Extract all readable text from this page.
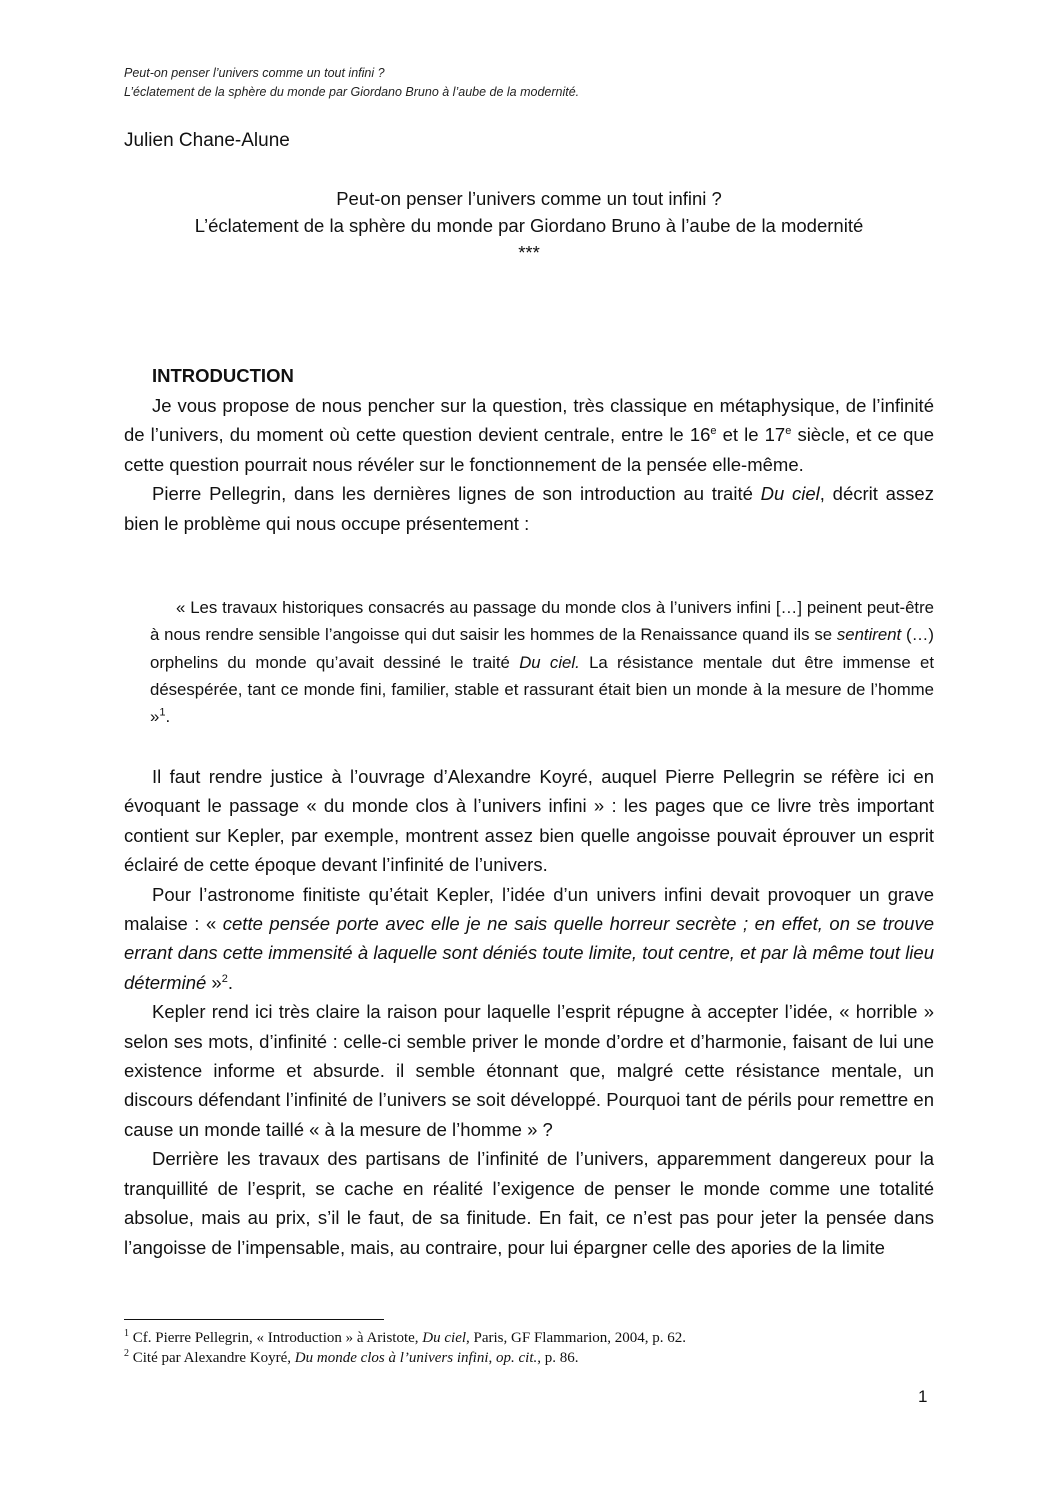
Peut-on penser l’univers comme un tout infini ?
L’éclatement de la sphère du monde par Giordano Bruno à l’aube de la modernité.
Julien Chane-Alune
Peut-on penser l’univers comme un tout infini ?
L’éclatement de la sphère du monde par Giordano Bruno à l’aube de la modernité
***
INTRODUCTION

Je vous propose de nous pencher sur la question, très classique en métaphysique, de l’infinité de l’univers, du moment où cette question devient centrale, entre le 16e et le 17e siècle, et ce que cette question pourrait nous révéler sur le fonctionnement de la pensée elle-même.

Pierre Pellegrin, dans les dernières lignes de son introduction au traité Du ciel, décrit assez bien le problème qui nous occupe présentement :

« Les travaux historiques consacrés au passage du monde clos à l’univers infini […] peinent peut-être à nous rendre sensible l’angoisse qui dut saisir les hommes de la Renaissance quand ils se sentirent (…) orphelins du monde qu’avait dessiné le traité Du ciel. La résistance mentale dut être immense et désespérée, tant ce monde fini, familier, stable et rassurant était bien un monde à la mesure de l’homme »$^1$.

Il faut rendre justice à l’ouvrage d’Alexandre Koyré, auquel Pierre Pellegrin se réfère ici en évoquant le passage « du monde clos à l’univers infini » : les pages que ce livre très important contient sur Kepler, par exemple, montrent assez bien quelle angoisse pouvait éprouver un esprit éclairé de cette époque devant l’infinité de l’univers.

Pour l’astronome finitiste qu’était Kepler, l’idée d’un univers infini devait provoquer un grave malaise : « cette pensée porte avec elle je ne sais quelle horreur secrète ; en effet, on se trouve errant dans cette immensité à laquelle sont déniés toute limite, tout centre, et par là même tout lieu déterminé »$^2$.

Kepler rend ici très claire la raison pour laquelle l’esprit répugne à accepter l’idée, « horrible » selon ses mots, d’infinité : celle-ci semble priver le monde d’ordre et d’harmonie, faisant de lui une existence informe et absurde. il semble étonnant que, malgré cette résistance mentale, un discours défendant l’infinité de l’univers se soit développé. Pourquoi tant de périls pour remettre en cause un monde taillé « à la mesure de l’homme » ?

Derrière les travaux des partisans de l’infinité de l’univers, apparemment dangereux pour la tranquillité de l’esprit, se cache en réalité l’exigence de penser le monde comme une totalité absolue, mais au prix, s’il le faut, de sa finitude. En fait, ce n’est pas pour jeter la pensée dans l’angoisse de l’impensable, mais, au contraire, pour lui épargner celle des apories de la limite

$^1$ Cf. Pierre Pellegrin, « Introduction » à Aristote, Du ciel, Paris, GF Flammarion, 2004, p. 62.
$^2$ Cité par Alexandre Koyré, Du monde clos à l’univers infini, op. cit., p. 86.
1
